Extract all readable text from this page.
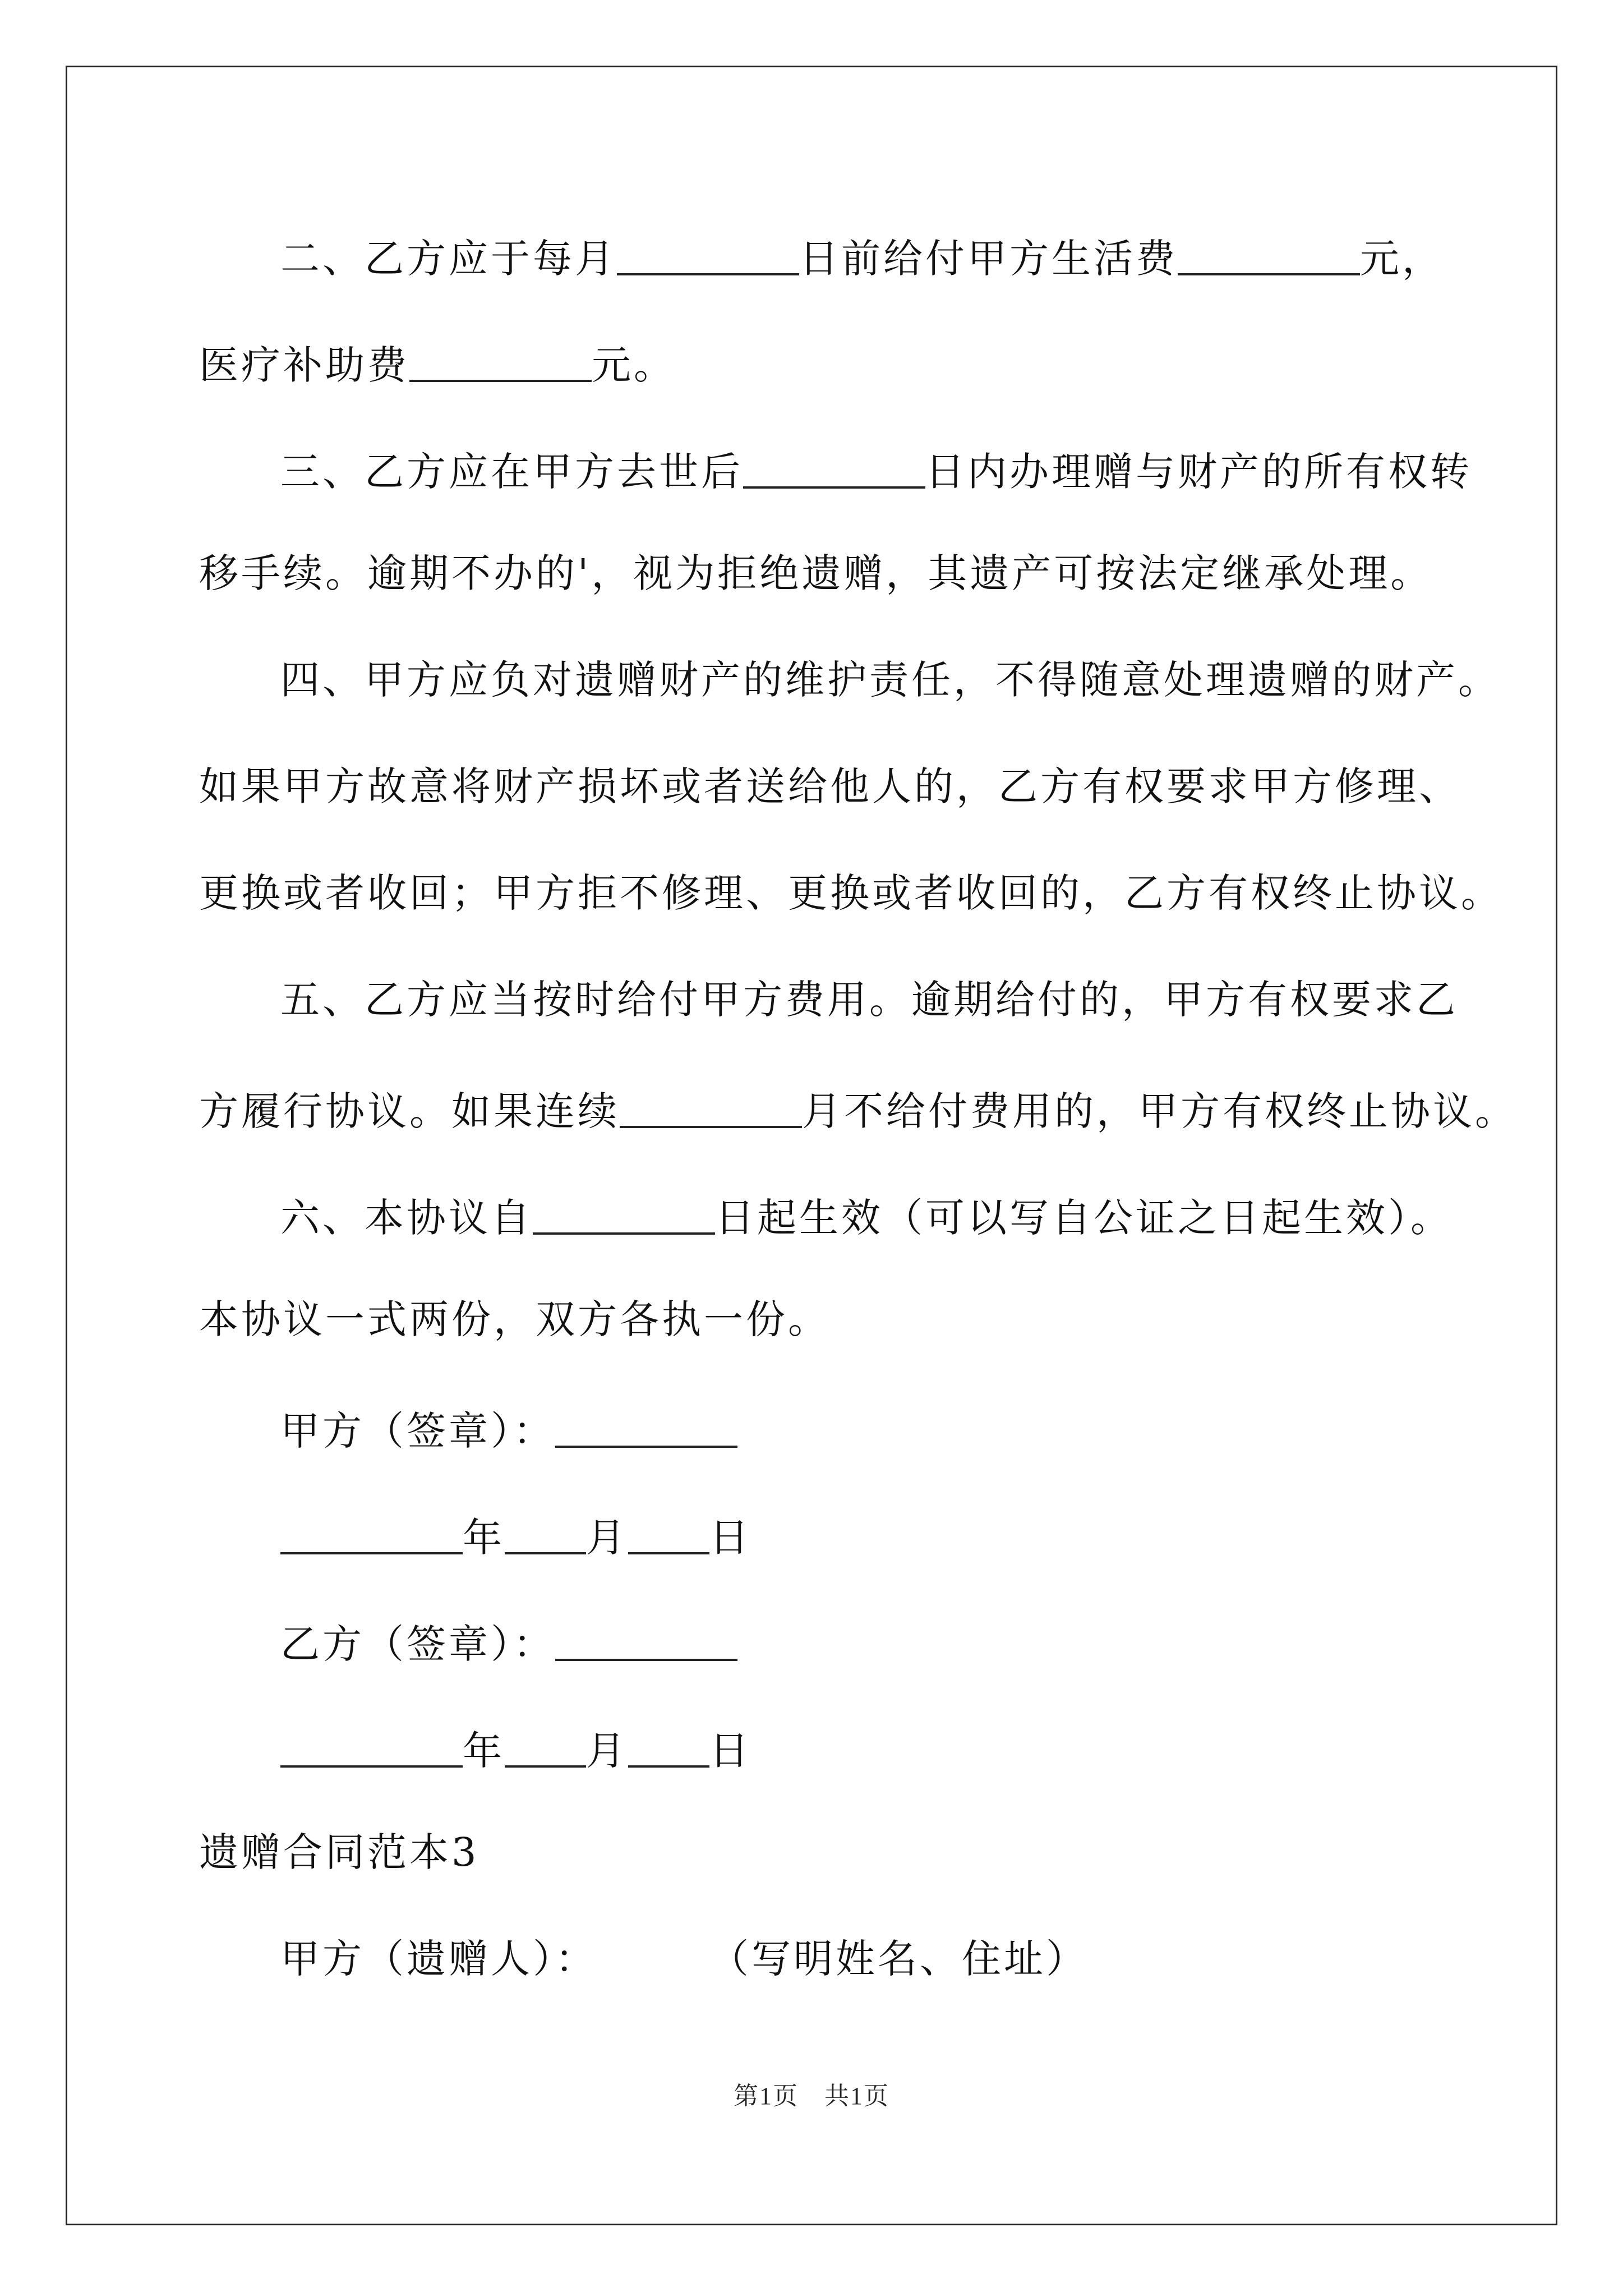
二、乙方应于每月	日前给付甲方生活费	元，
医疗补助费	元。
三、乙方应在甲方去世后	日内办理赠与财产的所有权转
移手续。逾期不办的'，视为拒绝遗赠，其遗产可按法定继承处理。
四、甲方应负对遗赠财产的维护责任，不得随意处理遗赠的财产。
如果甲方故意将财产损坏或者送给他人的，乙方有权要求甲方修理、
更换或者收回；甲方拒不修理、更换或者收回的，乙方有权终止协议。
五、乙方应当按时给付甲方费用。逾期给付的，甲方有权要求乙
方履行协议。如果连续	月不给付费用的，甲方有权终止协议。
六、本协议自	日起生效（可以写自公证之日起生效）。
本协议一式两份，双方各执一份。
甲方（签章）：
年 月 日
乙方（签章）：
年 月 日
遗赠合同范本3
甲方（遗赠人）：	（写明姓名、住址）
第1页　共1页
